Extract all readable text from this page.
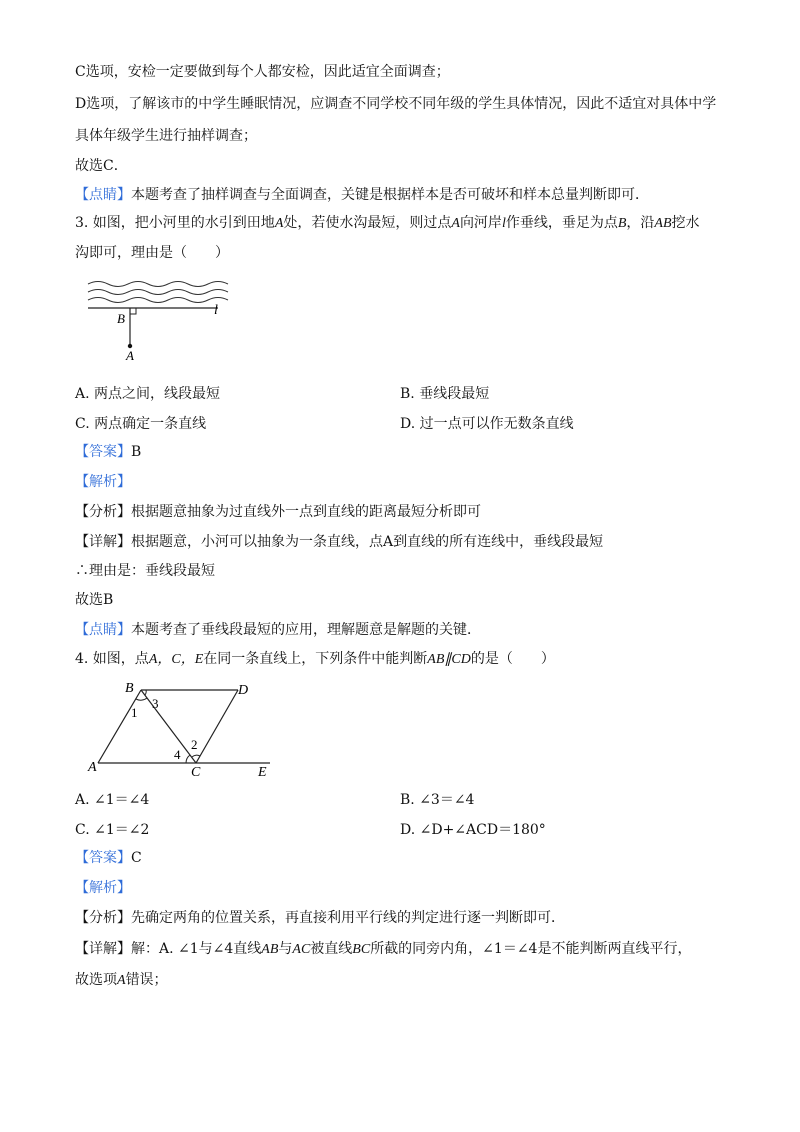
C选项，安检一定要做到每个人都安检，因此适宜全面调查；
D选项，了解该市的中学生睡眠情况，应调查不同学校不同年级的学生具体情况，因此不适宜对具体中学
具体年级学生进行抽样调查；
故选C．
【点睛】本题考查了抽样调查与全面调查，关键是根据样本是否可破坏和样本总量判断即可．
3. 如图，把小河里的水引到田地A处，若使水沟最短，则过点A向河岸l作垂线，垂足为点B，沿AB挖水
沟即可，理由是（　　）
l
B
A
A. 两点之间，线段最短	B. 垂线段最短
C. 两点确定一条直线	D. 过一点可以作无数条直线
【答案】B
【解析】
【分析】根据题意抽象为过直线外一点到直线的距离最短分析即可
【详解】根据题意，小河可以抽象为一条直线，点A到直线的所有连线中，垂线段最短
∴理由是：垂线段最短
故选B
【点睛】本题考查了垂线段最短的应用，理解题意是解题的关键．
4. 如图，点A，C，E在同一条直线上，下列条件中能判断AB∥CD的是（　　）
B	D
A	C	E
1
3
4
2
A. ∠1＝∠4	B. ∠3＝∠4
C. ∠1＝∠2	D. ∠D+∠ACD＝180°
【答案】C
【解析】
【分析】先确定两角的位置关系，再直接利用平行线的判定进行逐一判断即可．
【详解】解：A. ∠1与∠4直线AB与AC被直线BC所截的同旁内角，∠1＝∠4是不能判断两直线平行，
故选项A错误；
